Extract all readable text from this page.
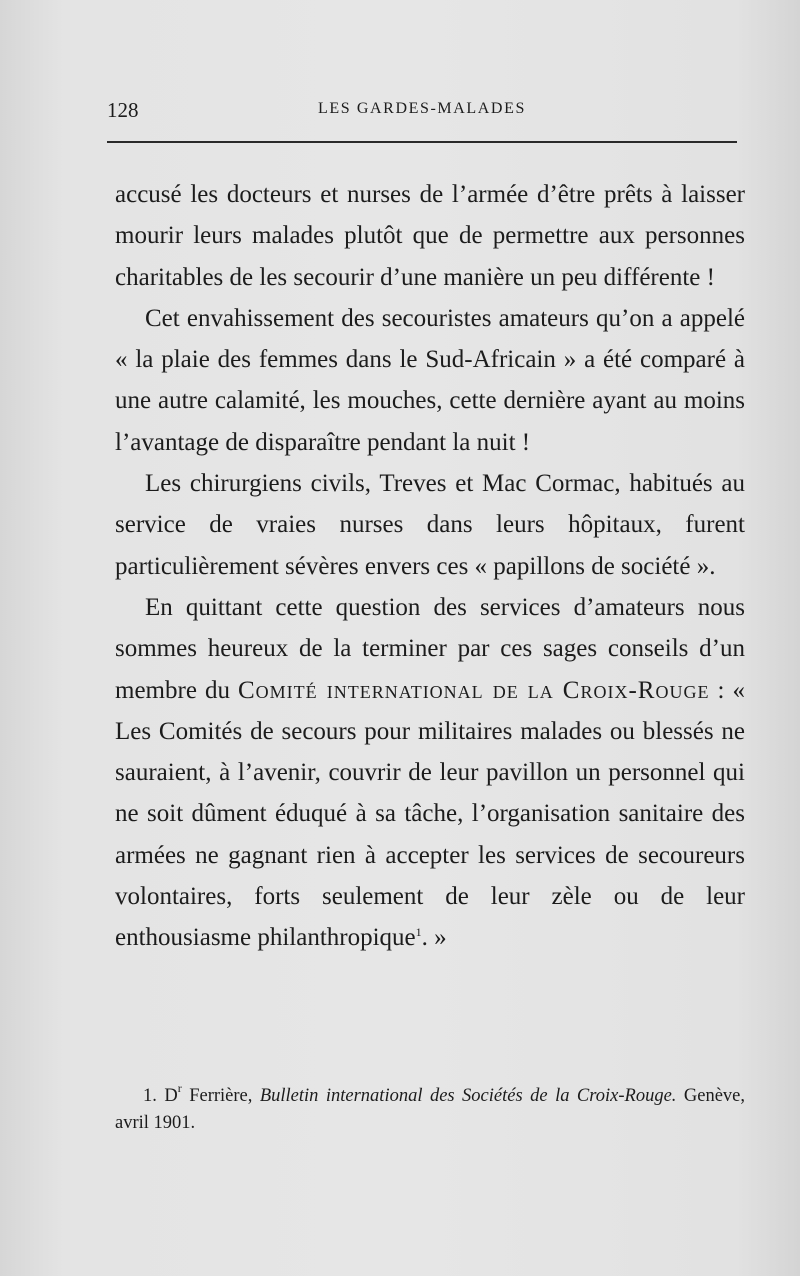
128	LES GARDES-MALADES

accusé les docteurs et nurses de l’armée d’être prêts à laisser mourir leurs malades plutôt que de permettre aux personnes charitables de les secourir d’une manière un peu différente !

Cet envahissement des secouristes amateurs qu’on a appelé « la plaie des femmes dans le Sud-Africain » a été comparé à une autre calamité, les mouches, cette dernière ayant au moins l’avantage de disparaître pendant la nuit !

Les chirurgiens civils, Treves et Mac Cormac, habitués au service de vraies nurses dans leurs hôpitaux, furent particulièrement sévères envers ces « papillons de société ».

En quittant cette question des services d’amateurs nous sommes heureux de la terminer par ces sages conseils d’un membre du Comité international de la Croix-Rouge : « Les Comités de secours pour militaires malades ou blessés ne sauraient, à l’avenir, couvrir de leur pavillon un personnel qui ne soit dûment éduqué à sa tâche, l’organisation sanitaire des armées ne gagnant rien à accepter les services de secoureurs volontaires, forts seulement de leur zèle ou de leur enthousiasme philanthropique$^1$. »

1. $D^r$ Ferrière, Bulletin international des Sociétés de la Croix-Rouge. Genève, avril 1901.
